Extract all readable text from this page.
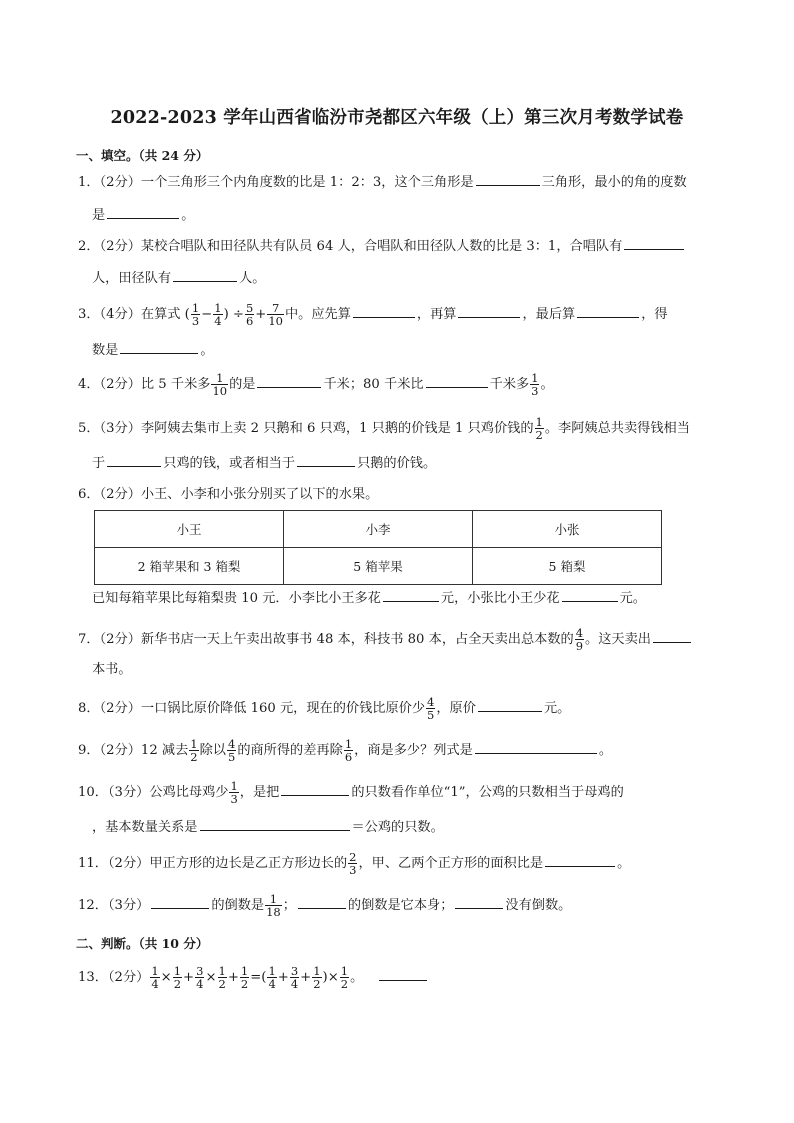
2022-2023 学年山西省临汾市尧都区六年级（上）第三次月考数学试卷
一、填空。（共 24 分）
1．（2分）一个三角形三个内角度数的比是 1：2：3，这个三角形是	三角形，最小的角的度数
是	。
2．（2分）某校合唱队和田径队共有队员 64 人，合唱队和田径队人数的比是 3：1，合唱队有
人，田径队有	人。
3．（4分）在算式 ( $\frac{1}{3} - \frac{1}{4}$ ) ÷ $\frac{5}{6} + \frac{7}{10}$ 中。应先算	，再算	，最后算	，得
数是	。
4．（2分）比 5 千米多 $\frac{1}{10}$ 的是	千米；80 千米比	千米多 $\frac{1}{3}$ 。
5．（3分）李阿姨去集市上卖 2 只鹅和 6 只鸡，1 只鹅的价钱是 1 只鸡价钱的 $\frac{1}{2}$ 。李阿姨总共卖得钱相当
于	只鸡的钱，或者相当于	只鹅的价钱。
6．（2分）小王、小李和小张分别买了以下的水果。
小王	小李	小张
2 箱苹果和 3 箱梨	5 箱苹果	5 箱梨
已知每箱苹果比每箱梨贵 10 元．小李比小王多花	元，小张比小王少花	元。
7．（2分）新华书店一天上午卖出故事书 48 本，科技书 80 本，占全天卖出总本数的 $\frac{4}{9}$ 。这天卖出
本书。
8．（2分）一口锅比原价降低 160 元，现在的价钱比原价少 $\frac{4}{5}$ ，原价	元。
9．（2分）12 减去 $\frac{1}{2}$ 除以 $\frac{4}{5}$ 的商所得的差再除 $\frac{1}{6}$ ，商是多少？列式是	。
10．（3分）公鸡比母鸡少 $\frac{1}{3}$ ，是把	的只数看作单位“1”，公鸡的只数相当于母鸡的
，基本数量关系是	＝公鸡的只数。
11．（2分）甲正方形的边长是乙正方形边长的 $\frac{2}{3}$ ，甲、乙两个正方形的面积比是	。
12．（3分）	的倒数是 $\frac{1}{18}$ ；	的倒数是它本身；	没有倒数。
二、判断。（共 10 分）
13．（2分） $\frac{1}{4} \times \frac{1}{2} + \frac{3}{4} \times \frac{1}{2} + \frac{1}{2}$ =( $\frac{1}{4} + \frac{3}{4} + \frac{1}{2}$ )× $\frac{1}{2}$ 。
